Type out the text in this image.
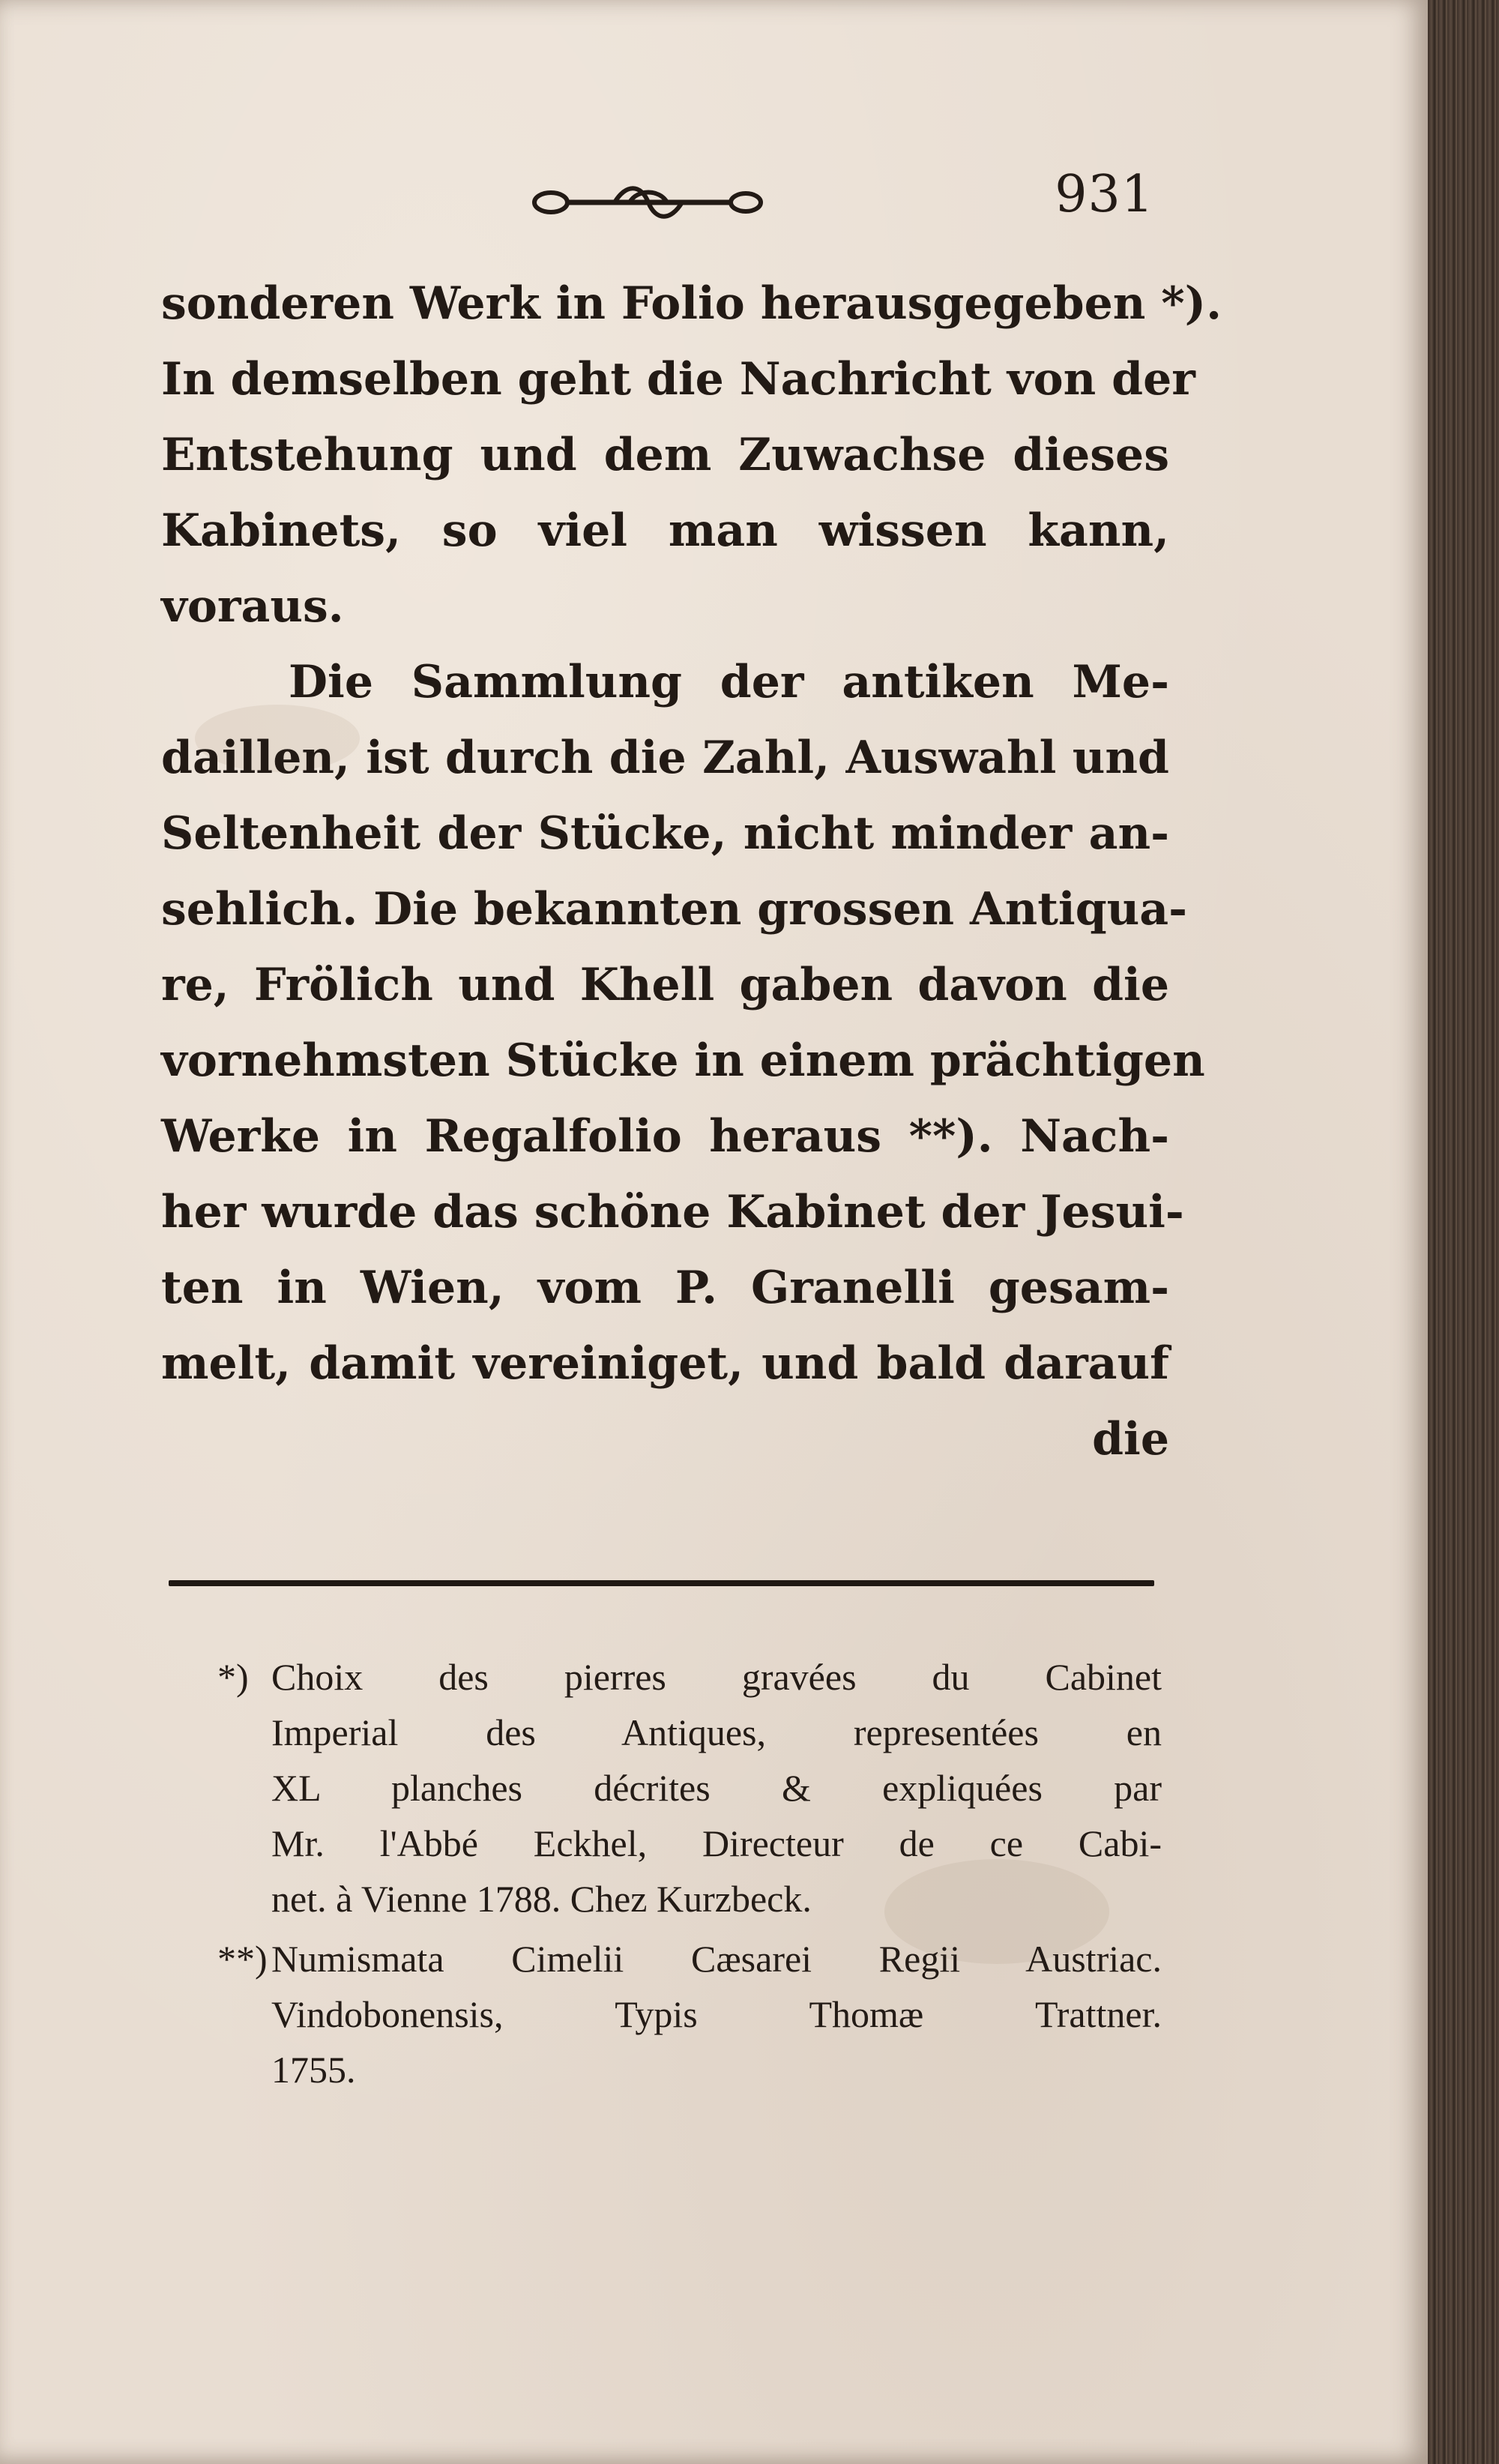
931
sonderen Werk in Folio herausgegeben *).
In demselben geht die Nachricht von der
Entstehung und dem Zuwachse dieses
Kabinets, so viel man wissen kann,
voraus.
Die Sammlung der antiken Me-
daillen, ist durch die Zahl, Auswahl und
Seltenheit der Stücke, nicht minder an-
sehlich. Die bekannten grossen Antiqua-
re, Frölich und Khell gaben davon die
vornehmsten Stücke in einem prächtigen
Werke in Regalfolio heraus **). Nach-
her wurde das schöne Kabinet der Jesui-
ten in Wien, vom P. Granelli gesam-
melt, damit vereiniget, und bald darauf
die
*) Choix des pierres gravées du Cabinet
Imperial des Antiques, representées en
XL planches décrites & expliquées par
Mr. l'Abbé Eckhel, Directeur de ce Cabi-
net. à Vienne 1788. Chez Kurzbeck.
**) Numismata Cimelii Cæsarei Regii Austriac.
Vindobonensis, Typis Thomæ Trattner.
1755.
